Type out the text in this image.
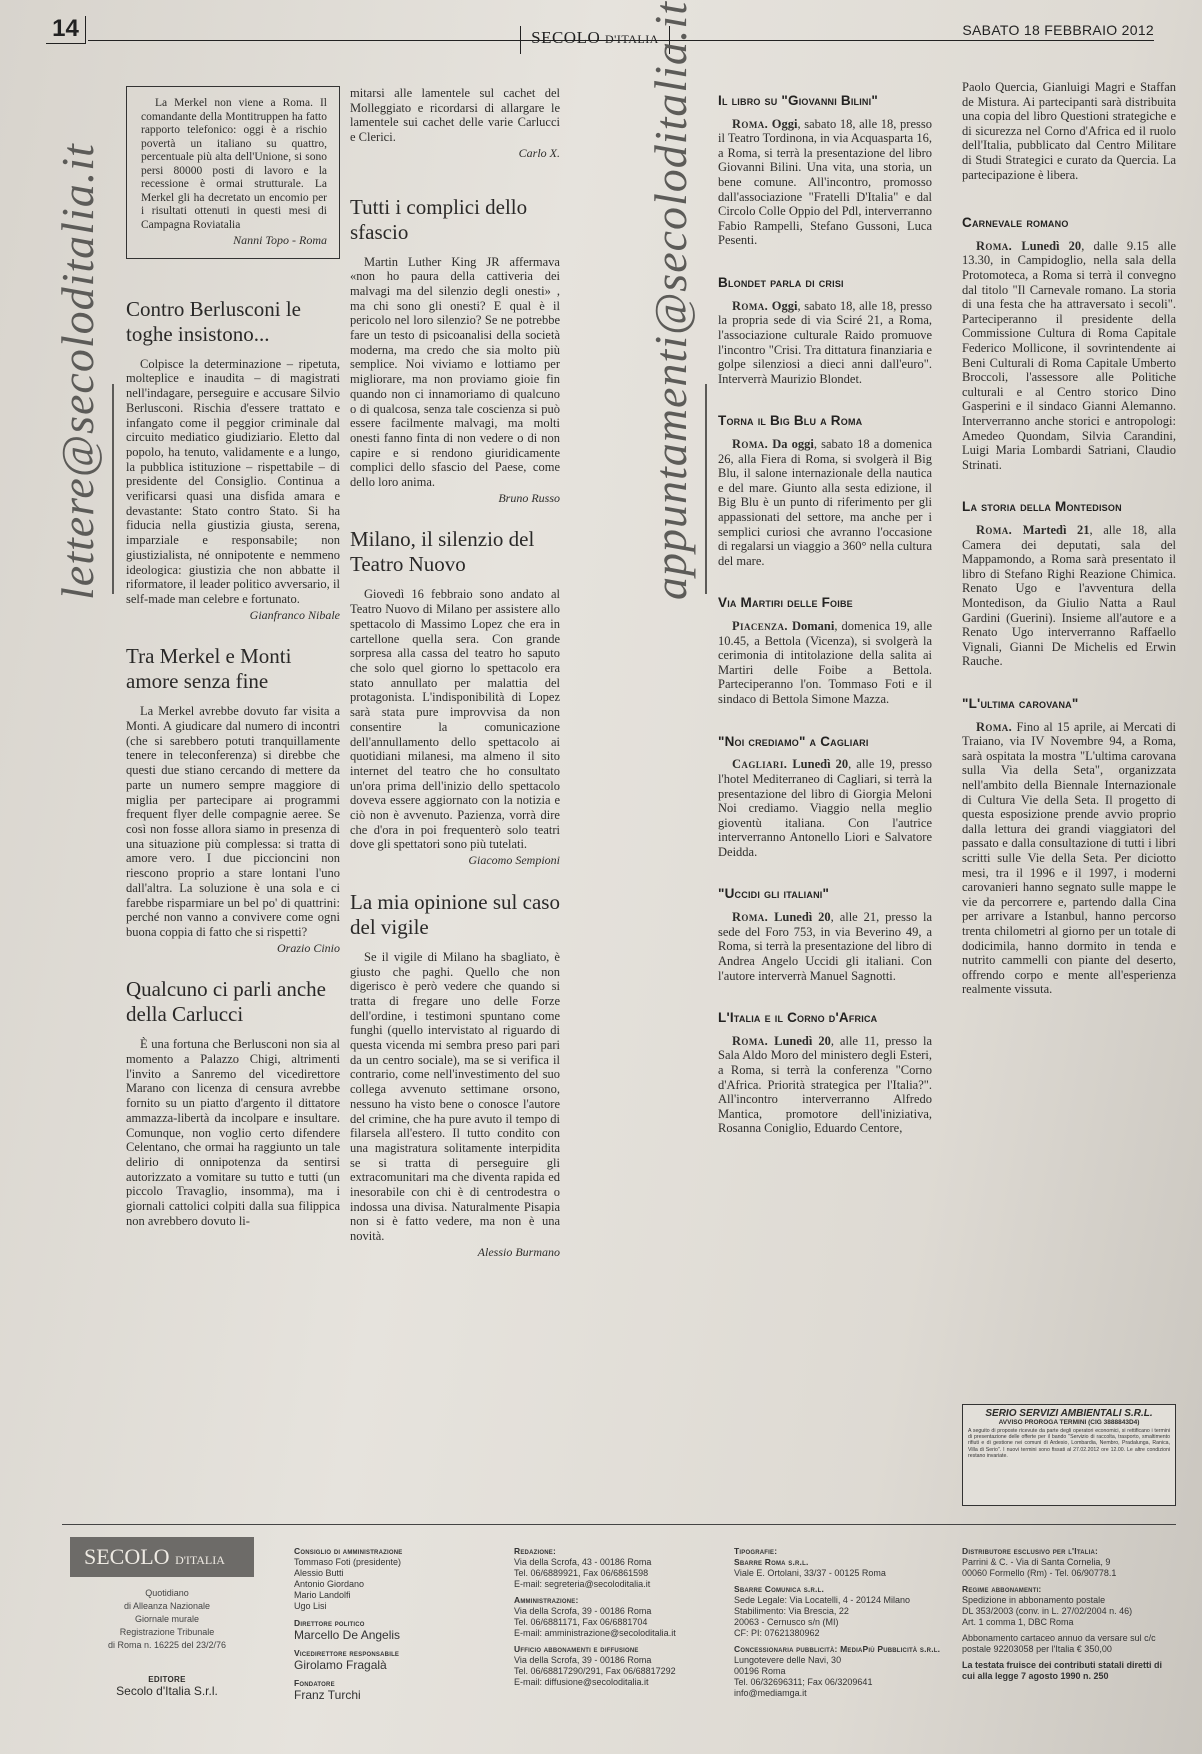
14	SECOLO D'ITALIA
SABATO 18 FEBBRAIO 2012
lettere@secoloditalia.it	appuntamenti@secoloditalia.it

La Merkel non viene a Roma. Il comandante della Montitruppen ha fatto rapporto telefonico: oggi è a rischio povertà un italiano su quattro, percentuale più alta dell'Unione, si sono persi 80000 posti di lavoro e la recessione è ormai strutturale. La Merkel gli ha decretato un encomio per i risultati ottenuti in questi mesi di Campagna Roviatalia

Nanni Topo - Roma
Contro Berlusconi le toghe insistono...

Colpisce la determinazione – ripetuta, molteplice e inaudita – di magistrati nell'indagare, perseguire e accusare Silvio Berlusconi. Rischia d'essere trattato e infangato come il peggior criminale dal circuito mediatico giudiziario. Eletto dal popolo, ha tenuto, validamente e a lungo, la pubblica istituzione – rispettabile – di presidente del Consiglio. Continua a verificarsi quasi una disfida amara e devastante: Stato contro Stato. Si ha fiducia nella giustizia giusta, serena, imparziale e responsabile; non giustizialista, né onnipotente e nemmeno ideologica: giustizia che non abbatte il riformatore, il leader politico avversario, il self-made man celebre e fortunato.

Gianfranco Nibale
Tra Merkel e Monti amore senza fine

La Merkel avrebbe dovuto far visita a Monti. A giudicare dal numero di incontri (che si sarebbero potuti tranquillamente tenere in teleconferenza) si direbbe che questi due stiano cercando di mettere da parte un numero sempre maggiore di miglia per partecipare ai programmi frequent flyer delle compagnie aeree. Se così non fosse allora siamo in presenza di una situazione più complessa: si tratta di amore vero. I due piccioncini non riescono proprio a stare lontani l'uno dall'altra. La soluzione è una sola e ci farebbe risparmiare un bel po' di quattrini: perché non vanno a convivere come ogni buona coppia di fatto che si rispetti?

Orazio Cinio
Qualcuno ci parli anche della Carlucci

È una fortuna che Berlusconi non sia al momento a Palazzo Chigi, altrimenti l'invito a Sanremo del vicedirettore Marano con licenza di censura avrebbe fornito su un piatto d'argento il dittatore ammazza-libertà da incolpare e insultare. Comunque, non voglio certo difendere Celentano, che ormai ha raggiunto un tale delirio di onnipotenza da sentirsi autorizzato a vomitare su tutto e tutti (un piccolo Travaglio, insomma), ma i giornali cattolici colpiti dalla sua filippica non avrebbero dovuto li-

mitarsi alle lamentele sul cachet del Molleggiato e ricordarsi di allargare le lamentele sui cachet delle varie Carlucci e Clerici.

Carlo X.
Tutti i complici dello sfascio

Martin Luther King JR affermava «non ho paura della cattiveria dei malvagi ma del silenzio degli onesti» , ma chi sono gli onesti? E qual è il pericolo nel loro silenzio? Se ne potrebbe fare un testo di psicoanalisi della società moderna, ma credo che sia molto più semplice. Noi viviamo e lottiamo per migliorare, ma non proviamo gioie fin quando non ci innamoriamo di qualcuno o di qualcosa, senza tale coscienza si può essere facilmente malvagi, ma molti onesti fanno finta di non vedere o di non capire e si rendono giuridicamente complici dello sfascio del Paese, come dello loro anima.

Bruno Russo
Milano, il silenzio del Teatro Nuovo

Giovedì 16 febbraio sono andato al Teatro Nuovo di Milano per assistere allo spettacolo di Massimo Lopez che era in cartellone quella sera. Con grande sorpresa alla cassa del teatro ho saputo che solo quel giorno lo spettacolo era stato annullato per malattia del protagonista. L'indisponibilità di Lopez sarà stata pure improvvisa da non consentire la comunicazione dell'annullamento dello spettacolo ai quotidiani milanesi, ma almeno il sito internet del teatro che ho consultato un'ora prima dell'inizio dello spettacolo doveva essere aggiornato con la notizia e ciò non è avvenuto. Pazienza, vorrà dire che d'ora in poi frequenterò solo teatri dove gli spettatori sono più tutelati.

Giacomo Sempioni
La mia opinione sul caso del vigile

Se il vigile di Milano ha sbagliato, è giusto che paghi. Quello che non digerisco è però vedere che quando si tratta di fregare uno delle Forze dell'ordine, i testimoni spuntano come funghi (quello intervistato al riguardo di questa vicenda mi sembra preso pari pari da un centro sociale), ma se si verifica il contrario, come nell'investimento del suo collega avvenuto settimane orsono, nessuno ha visto bene o conosce l'autore del crimine, che ha pure avuto il tempo di filarsela all'estero. Il tutto condito con una magistratura solitamente interpidita se si tratta di perseguire gli extracomunitari ma che diventa rapida ed inesorabile con chi è di centrodestra o indossa una divisa. Naturalmente Pisapia non si è fatto vedere, ma non è una novità.

Alessio Burmano
Il libro su "Giovanni Bilini"

Roma. Oggi, sabato 18, alle 18, presso il Teatro Tordinona, in via Acquasparta 16, a Roma, si terrà la presentazione del libro Giovanni Bilini. Una vita, una storia, un bene comune. All'incontro, promosso dall'associazione "Fratelli D'Italia" e dal Circolo Colle Oppio del Pdl, interverranno Fabio Rampelli, Stefano Gussoni, Luca Pesenti.

Blondet parla di crisi

Roma. Oggi, sabato 18, alle 18, presso la propria sede di via Sciré 21, a Roma, l'associazione culturale Raido promuove l'incontro "Crisi. Tra dittatura finanziaria e golpe silenziosi a dieci anni dall'euro". Interverrà Maurizio Blondet.

Torna il Big Blu a Roma

Roma. Da oggi, sabato 18 a domenica 26, alla Fiera di Roma, si svolgerà il Big Blu, il salone internazionale della nautica e del mare. Giunto alla sesta edizione, il Big Blu è un punto di riferimento per gli appassionati del settore, ma anche per i semplici curiosi che avranno l'occasione di regalarsi un viaggio a 360° nella cultura del mare.

Via Martiri delle Foibe

Piacenza. Domani, domenica 19, alle 10.45, a Bettola (Vicenza), si svolgerà la cerimonia di intitolazione della salita ai Martiri delle Foibe a Bettola. Parteciperanno l'on. Tommaso Foti e il sindaco di Bettola Simone Mazza.

"Noi crediamo" a Cagliari

Cagliari. Lunedì 20, alle 19, presso l'hotel Mediterraneo di Cagliari, si terrà la presentazione del libro di Giorgia Meloni Noi crediamo. Viaggio nella meglio gioventù italiana. Con l'autrice interverranno Antonello Liori e Salvatore Deidda.

"Uccidi gli italiani"

Roma. Lunedì 20, alle 21, presso la sede del Foro 753, in via Beverino 49, a Roma, si terrà la presentazione del libro di Andrea Angelo Uccidi gli italiani. Con l'autore interverrà Manuel Sagnotti.

L'Italia e il Corno d'Africa

Roma. Lunedì 20, alle 11, presso la Sala Aldo Moro del ministero degli Esteri, a Roma, si terrà la conferenza "Corno d'Africa. Priorità strategica per l'Italia?". All'incontro interverranno Alfredo Mantica, promotore dell'iniziativa, Rosanna Coniglio, Eduardo Centore,

Paolo Quercia, Gianluigi Magri e Staffan de Mistura. Ai partecipanti sarà distribuita una copia del libro Questioni strategiche e di sicurezza nel Corno d'Africa ed il ruolo dell'Italia, pubblicato dal Centro Militare di Studi Strategici e curato da Quercia. La partecipazione è libera.

Carnevale romano

Roma. Lunedì 20, dalle 9.15 alle 13.30, in Campidoglio, nella sala della Protomoteca, a Roma si terrà il convegno dal titolo "Il Carnevale romano. La storia di una festa che ha attraversato i secoli". Parteciperanno il presidente della Commissione Cultura di Roma Capitale Federico Mollicone, il sovrintendente ai Beni Culturali di Roma Capitale Umberto Broccoli, l'assessore alle Politiche culturali e al Centro storico Dino Gasperini e il sindaco Gianni Alemanno. Interverranno anche storici e antropologi: Amedeo Quondam, Silvia Carandini, Luigi Maria Lombardi Satriani, Claudio Strinati.

La storia della Montedison

Roma. Martedì 21, alle 18, alla Camera dei deputati, sala del Mappamondo, a Roma sarà presentato il libro di Stefano Righi Reazione Chimica. Renato Ugo e l'avventura della Montedison, da Giulio Natta a Raul Gardini (Guerini). Insieme all'autore e a Renato Ugo interverranno Raffaello Vignali, Gianni De Michelis ed Erwin Rauche.

"L'ultima carovana"

Roma. Fino al 15 aprile, ai Mercati di Traiano, via IV Novembre 94, a Roma, sarà ospitata la mostra "L'ultima carovana sulla Via della Seta", organizzata nell'ambito della Biennale Internazionale di Cultura Vie della Seta. Il progetto di questa esposizione prende avvio proprio dalla lettura dei grandi viaggiatori del passato e dalla consultazione di tutti i libri scritti sulle Vie della Seta. Per diciotto mesi, tra il 1996 e il 1997, i moderni carovanieri hanno segnato sulle mappe le vie da percorrere e, partendo dalla Cina per arrivare a Istanbul, hanno percorso trenta chilometri al giorno per un totale di dodicimila, hanno dormito in tenda e nutrito cammelli con piante del deserto, offrendo corpo e mente all'esperienza realmente vissuta.

SERIO SERVIZI AMBIENTALI S.R.L.
AVVISO PROROGA TERMINI (CIG 3888843D4)
A seguito di proposte ricevute da parte degli operatori economici, si rettificano i termini di presentazione delle offerte per il bando "Servizio di raccolta, trasporto, smaltimento rifiuti e di gestione nei comuni di Ardesio, Lombardia, Nembro, Pradalunga, Ranica, Villa di Serio". I nuovi termini sono fissati al 27.02.2012 ore 12.00. Le altre condizioni restano invariate.
SECOLO D'ITALIA
Quotidiano
di Alleanza Nazionale
Giornale murale
Registrazione Tribunale
di Roma n. 16225 del 23/2/76
EDITORE
Secolo d'Italia S.r.l.
Consiglio di amministrazione
Tommaso Foti (presidente)
Alessio Butti
Antonio Giordano
Mario Landolfi
Ugo Lisi
Direttore politico
Marcello De Angelis
Vicedirettore responsabile
Girolamo Fragalà
Fondatore
Franz Turchi
Redazione:
Via della Scrofa, 43 - 00186 Roma
Tel. 06/6889921, Fax 06/6861598
E-mail: segreteria@secoloditalia.it
Amministrazione:
Via della Scrofa, 39 - 00186 Roma
Tel. 06/6881171, Fax 06/6881704
E-mail: amministrazione@secoloditalia.it
Ufficio abbonamenti e diffusione
Via della Scrofa, 39 - 00186 Roma
Tel. 06/68817290/291, Fax 06/68817292
E-mail: diffusione@secoloditalia.it
Tipografie:
Sbarre Roma s.r.l.
Viale E. Ortolani, 33/37 - 00125 Roma
Sbarre Comunica s.r.l.
Sede Legale: Via Locatelli, 4 - 20124 Milano
Stabilimento: Via Brescia, 22
20063 - Cernusco s/n (MI)
CF: PI: 07621380962
Concessionaria pubblicità: MediaPiù Pubblicità s.r.l.
Lungotevere delle Navi, 30
00196 Roma
Tel. 06/32696311; Fax 06/3209641
info@mediamga.it
Distributore esclusivo per l'Italia:
Parrini & C. - Via di Santa Cornelia, 9
00060 Formello (Rm) - Tel. 06/90778.1
Regime abbonamenti:
Spedizione in abbonamento postale
DL 353/2003 (conv. in L. 27/02/2004 n. 46)
Art. 1 comma 1, DBC Roma
Abbonamento cartaceo annuo da versare sul c/c postale 92203058 per l'Italia € 350,00
La testata fruisce dei contributi statali diretti di cui alla legge 7 agosto 1990 n. 250
